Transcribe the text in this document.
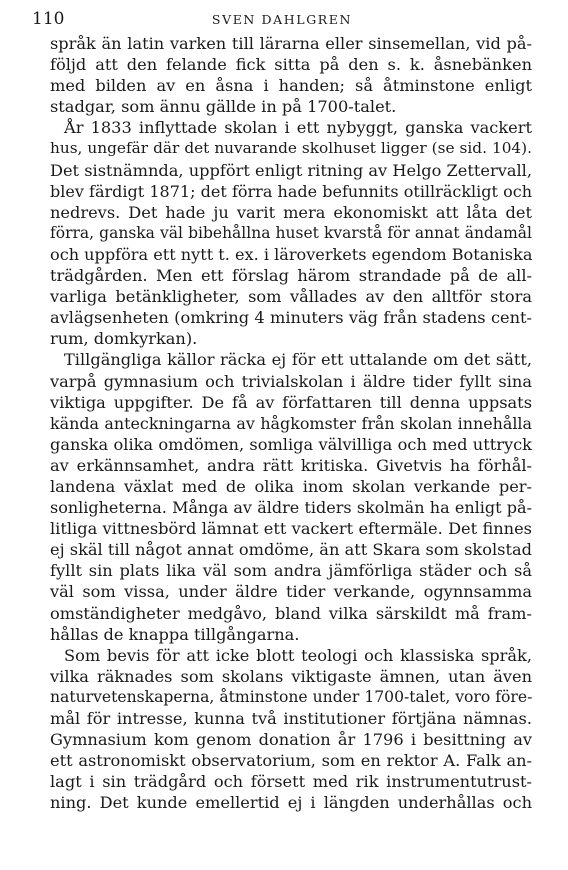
110	SVEN DAHLGREN
språk än latin varken till lärarna eller sinsemellan, vid på-
följd att den felande fick sitta på den s. k. åsnebänken
med bilden av en åsna i handen; så åtminstone enligt
stadgar, som ännu gällde in på 1700-talet.
År 1833 inflyttade skolan i ett nybyggt, ganska vackert
hus, ungefär där det nuvarande skolhuset ligger (se sid. 104).
Det sistnämnda, uppfört enligt ritning av Helgo Zettervall,
blev färdigt 1871; det förra hade befunnits otillräckligt och
nedrevs. Det hade ju varit mera ekonomiskt att låta det
förra, ganska väl bibehållna huset kvarstå för annat ändamål
och uppföra ett nytt t. ex. i läroverkets egendom Botaniska
trädgården. Men ett förslag härom strandade på de all-
varliga betänkligheter, som vållades av den alltför stora
avlägsenheten (omkring 4 minuters väg från stadens cent-
rum, domkyrkan).
Tillgängliga källor räcka ej för ett uttalande om det sätt,
varpå gymnasium och trivialskolan i äldre tider fyllt sina
viktiga uppgifter. De få av författaren till denna uppsats
kända anteckningarna av hågkomster från skolan innehålla
ganska olika omdömen, somliga välvilliga och med uttryck
av erkännsamhet, andra rätt kritiska. Givetvis ha förhål-
landena växlat med de olika inom skolan verkande per-
sonligheterna. Många av äldre tiders skolmän ha enligt på-
litliga vittnesbörd lämnat ett vackert eftermäle. Det finnes
ej skäl till något annat omdöme, än att Skara som skolstad
fyllt sin plats lika väl som andra jämförliga städer och så
väl som vissa, under äldre tider verkande, ogynnsamma
omständigheter medgåvo, bland vilka särskildt må fram-
hållas de knappa tillgångarna.
Som bevis för att icke blott teologi och klassiska språk,
vilka räknades som skolans viktigaste ämnen, utan även
naturvetenskaperna, åtminstone under 1700-talet, voro före-
mål för intresse, kunna två institutioner förtjäna nämnas.
Gymnasium kom genom donation år 1796 i besittning av
ett astronomiskt observatorium, som en rektor A. Falk an-
lagt i sin trädgård och försett med rik instrumentutrust-
ning. Det kunde emellertid ej i längden underhållas och
